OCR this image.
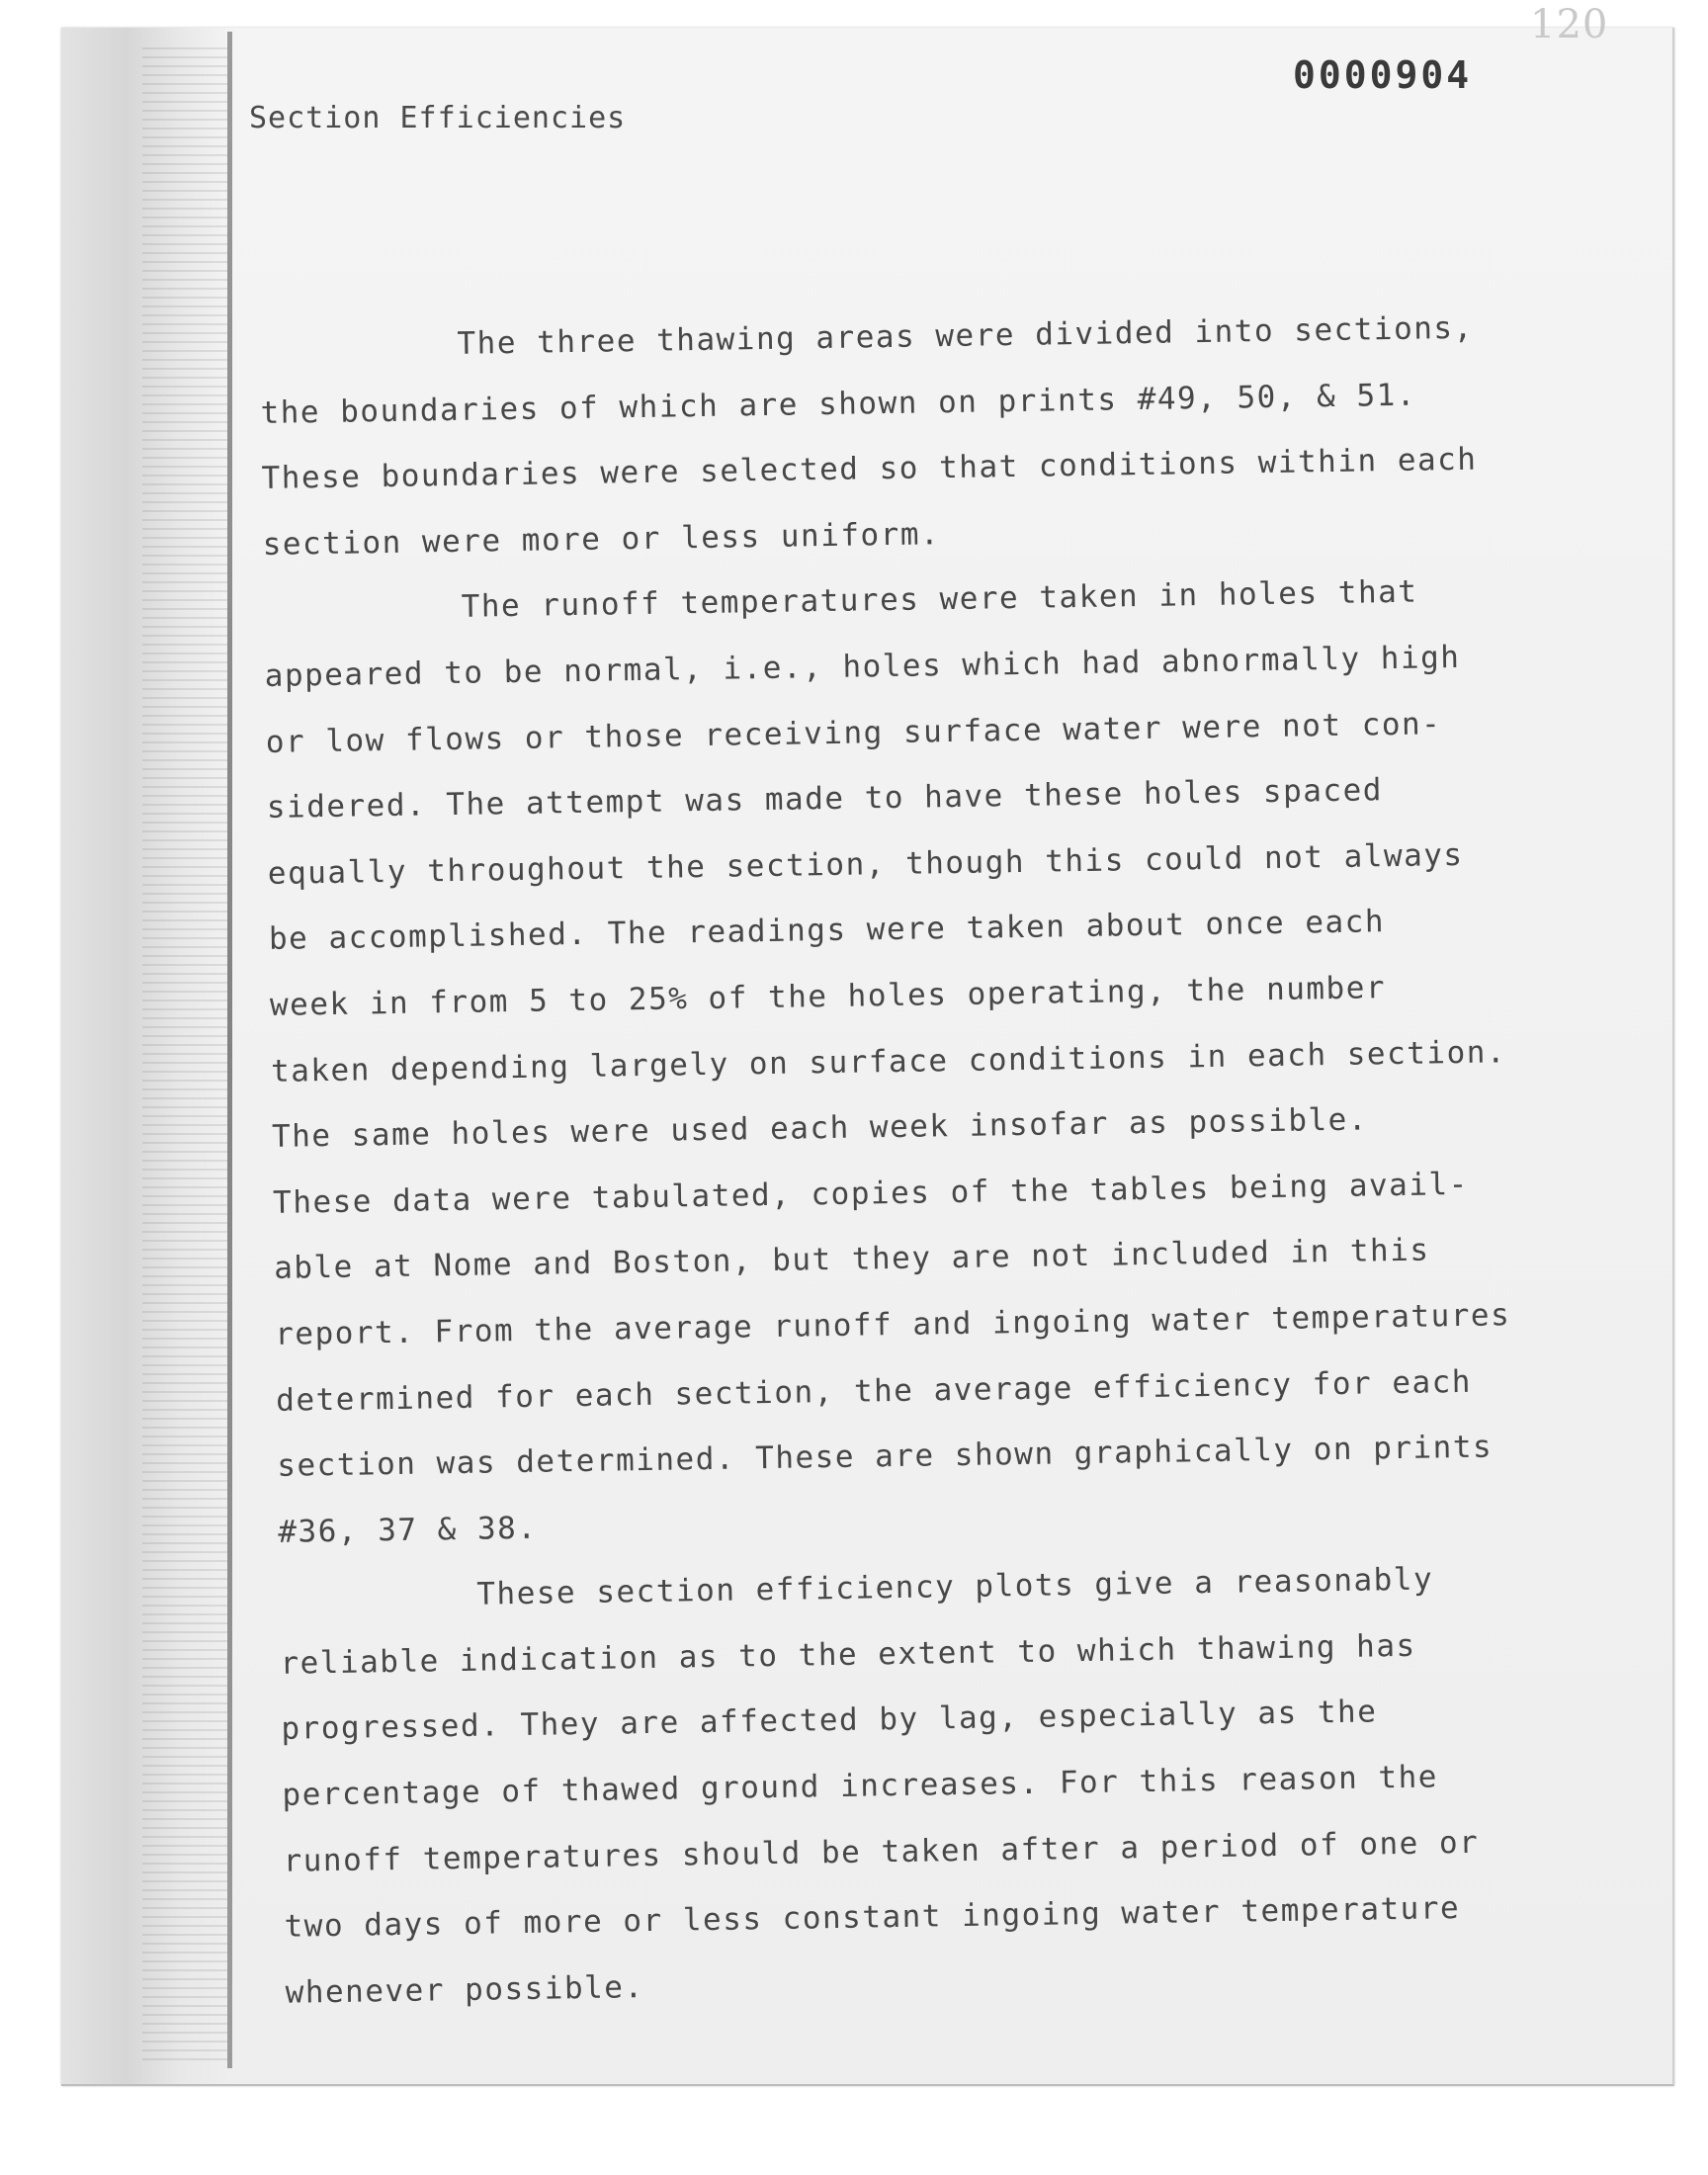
120
0000904
Section Efficiencies
The three thawing areas were divided into sections,
the boundaries of which are shown on prints #49, 50, & 51.
These boundaries were selected so that conditions within each
section were more or less uniform.
The runoff temperatures were taken in holes that
appeared to be normal, i.e., holes which had abnormally high
or low flows or those receiving surface water were not con-
sidered. The attempt was made to have these holes spaced
equally throughout the section, though this could not always
be accomplished. The readings were taken about once each
week in from 5 to 25% of the holes operating, the number
taken depending largely on surface conditions in each section.
The same holes were used each week insofar as possible.
These data were tabulated, copies of the tables being avail-
able at Nome and Boston, but they are not included in this
report. From the average runoff and ingoing water temperatures
determined for each section, the average efficiency for each
section was determined. These are shown graphically on prints
#36, 37 & 38.
These section efficiency plots give a reasonably
reliable indication as to the extent to which thawing has
progressed. They are affected by lag, especially as the
percentage of thawed ground increases. For this reason the
runoff temperatures should be taken after a period of one or
two days of more or less constant ingoing water temperature
whenever possible.
